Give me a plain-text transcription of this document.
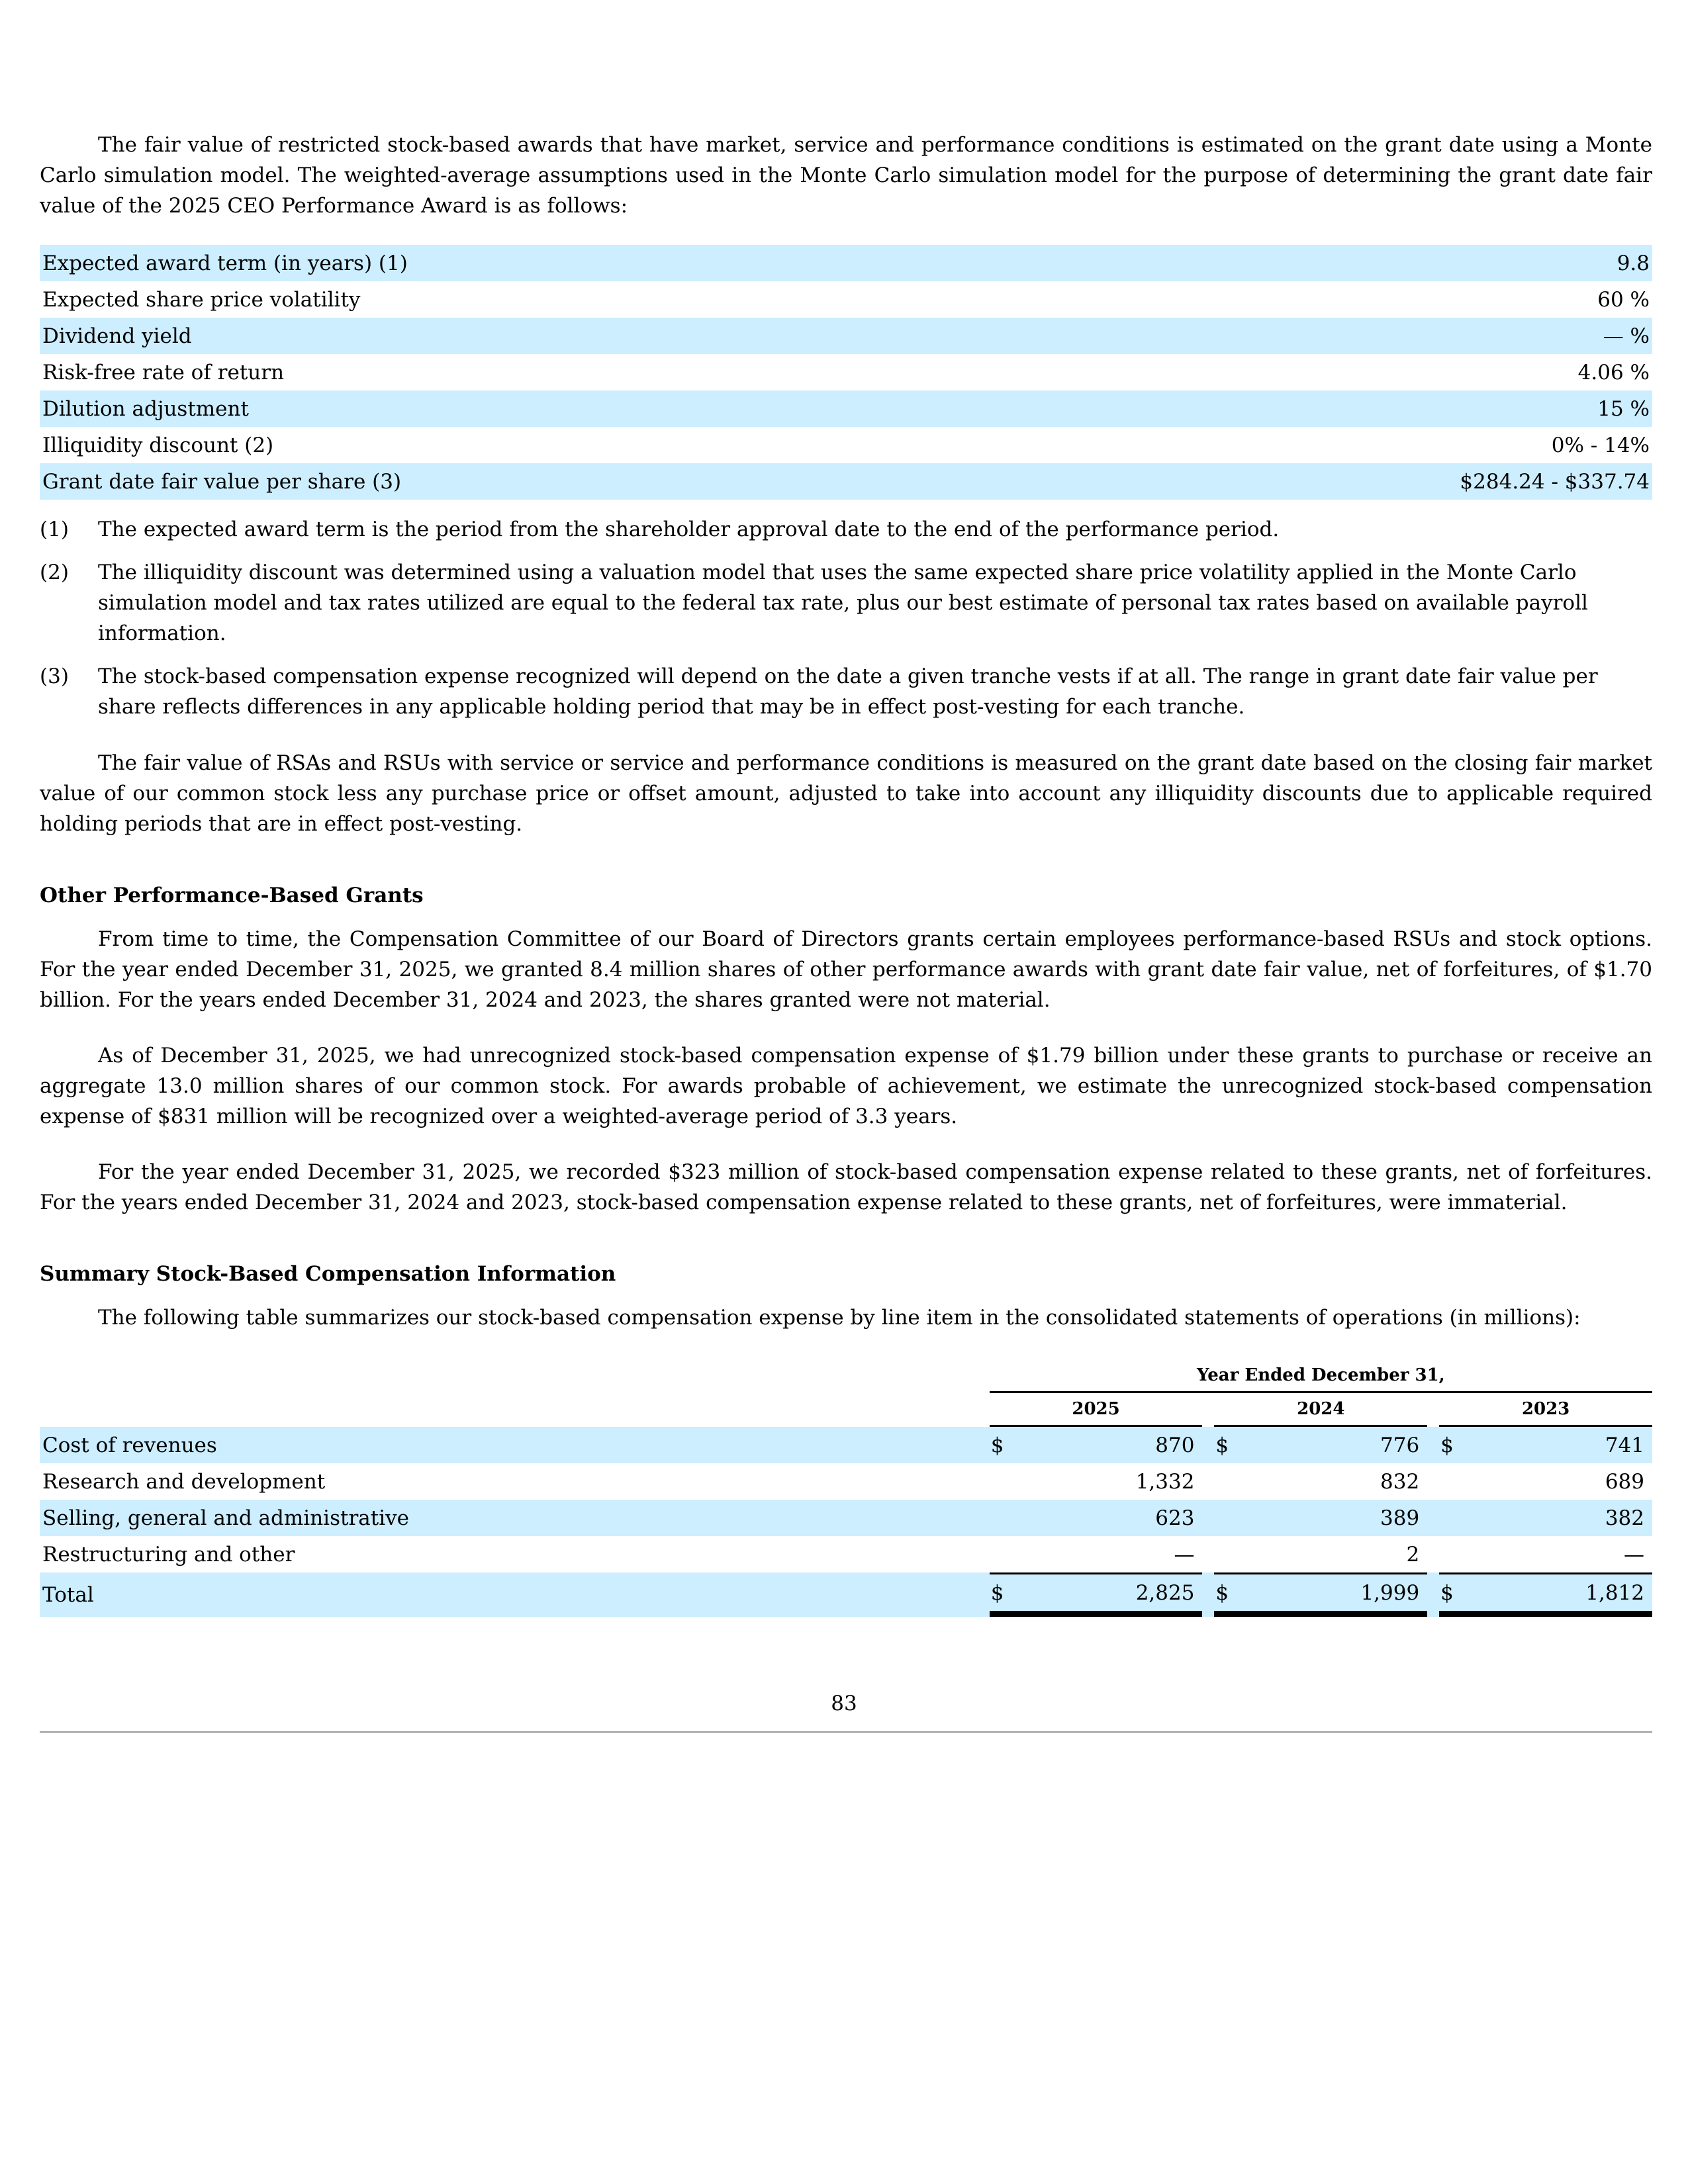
The fair value of restricted stock-based awards that have market, service and performance conditions is estimated on the grant date using a Monte Carlo simulation model. The weighted-average assumptions used in the Monte Carlo simulation model for the purpose of determining the grant date fair value of the 2025 CEO Performance Award is as follows:

Expected award term (in years) (1)	9.8
Expected share price volatility	60 %
Dividend yield	— %
Risk-free rate of return	4.06 %
Dilution adjustment	15 %
Illiquidity discount (2)	0% - 14%
Grant date fair value per share (3)	$284.24 - $337.74
(1) The expected award term is the period from the shareholder approval date to the end of the performance period.
(2) The illiquidity discount was determined using a valuation model that uses the same expected share price volatility applied in the Monte Carlo simulation model and tax rates utilized are equal to the federal tax rate, plus our best estimate of personal tax rates based on available payroll information.
(3) The stock-based compensation expense recognized will depend on the date a given tranche vests if at all. The range in grant date fair value per share reflects differences in any applicable holding period that may be in effect post-vesting for each tranche.

The fair value of RSAs and RSUs with service or service and performance conditions is measured on the grant date based on the closing fair market value of our common stock less any purchase price or offset amount, adjusted to take into account any illiquidity discounts due to applicable required holding periods that are in effect post-vesting.

Other Performance-Based Grants

From time to time, the Compensation Committee of our Board of Directors grants certain employees performance-based RSUs and stock options. For the year ended December 31, 2025, we granted 8.4 million shares of other performance awards with grant date fair value, net of forfeitures, of $1.70 billion. For the years ended December 31, 2024 and 2023, the shares granted were not material.

As of December 31, 2025, we had unrecognized stock-based compensation expense of $1.79 billion under these grants to purchase or receive an aggregate 13.0 million shares of our common stock. For awards probable of achievement, we estimate the unrecognized stock-based compensation expense of $831 million will be recognized over a weighted-average period of 3.3 years.

For the year ended December 31, 2025, we recorded $323 million of stock-based compensation expense related to these grants, net of forfeitures. For the years ended December 31, 2024 and 2023, stock-based compensation expense related to these grants, net of forfeitures, were immaterial.

Summary Stock-Based Compensation Information

The following table summarizes our stock-based compensation expense by line item in the consolidated statements of operations (in millions):

	Year Ended December 31,							
	2025			2024			2023	
Cost of revenues	$	870		$	776		$	741
Research and development		1,332			832			689
Selling, general and administrative		623			389			382
Restructuring and other		—			2			—
Total	$	2,825		$	1,999		$	1,812
83
